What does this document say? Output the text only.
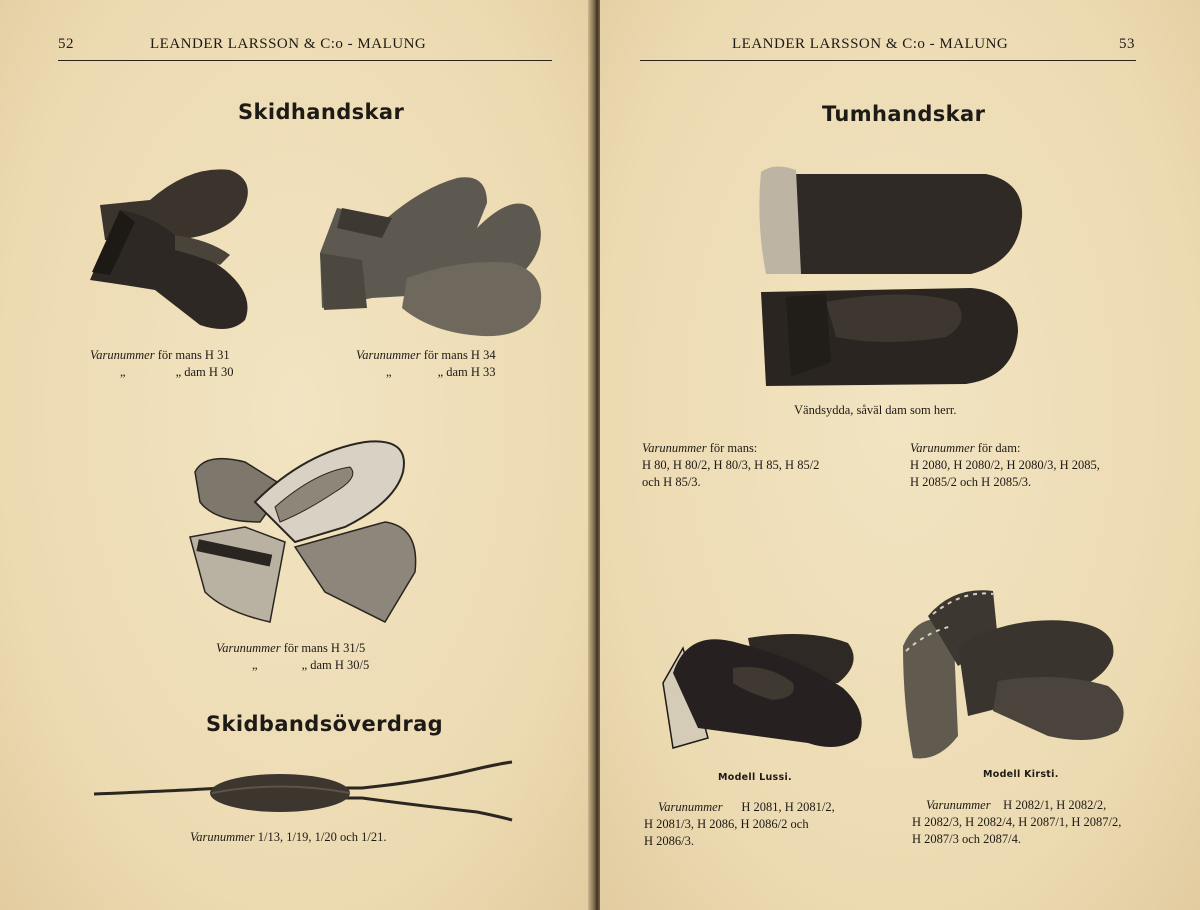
52	LEANDER LARSSON & C:o - MALUNG
Skidhandskar
Varunummer för mans H 31
„	„ dam H 30
Varunummer för mans H 34
„	„ dam H 33
Varunummer för mans H 31/5
„	„ dam H 30/5
Skidbandsöverdrag
Varunummer 1/13, 1/19, 1/20 och 1/21.
LEANDER LARSSON & C:o - MALUNG	53
Tumhandskar
Vändsydda, såväl dam som herr.
Varunummer för mans:
H 80, H 80/2, H 80/3, H 85, H 85/2
och H 85/3.
Varunummer för dam:
H 2080, H 2080/2, H 2080/3, H 2085,
H 2085/2 och H 2085/3.
Modell Lussi.	Modell Kirsti.
Varunummer H 2081, H 2081/2,
H 2081/3, H 2086, H 2086/2 och
H 2086/3.
Varunummer H 2082/1, H 2082/2,
H 2082/3, H 2082/4, H 2087/1, H 2087/2,
H 2087/3 och 2087/4.
